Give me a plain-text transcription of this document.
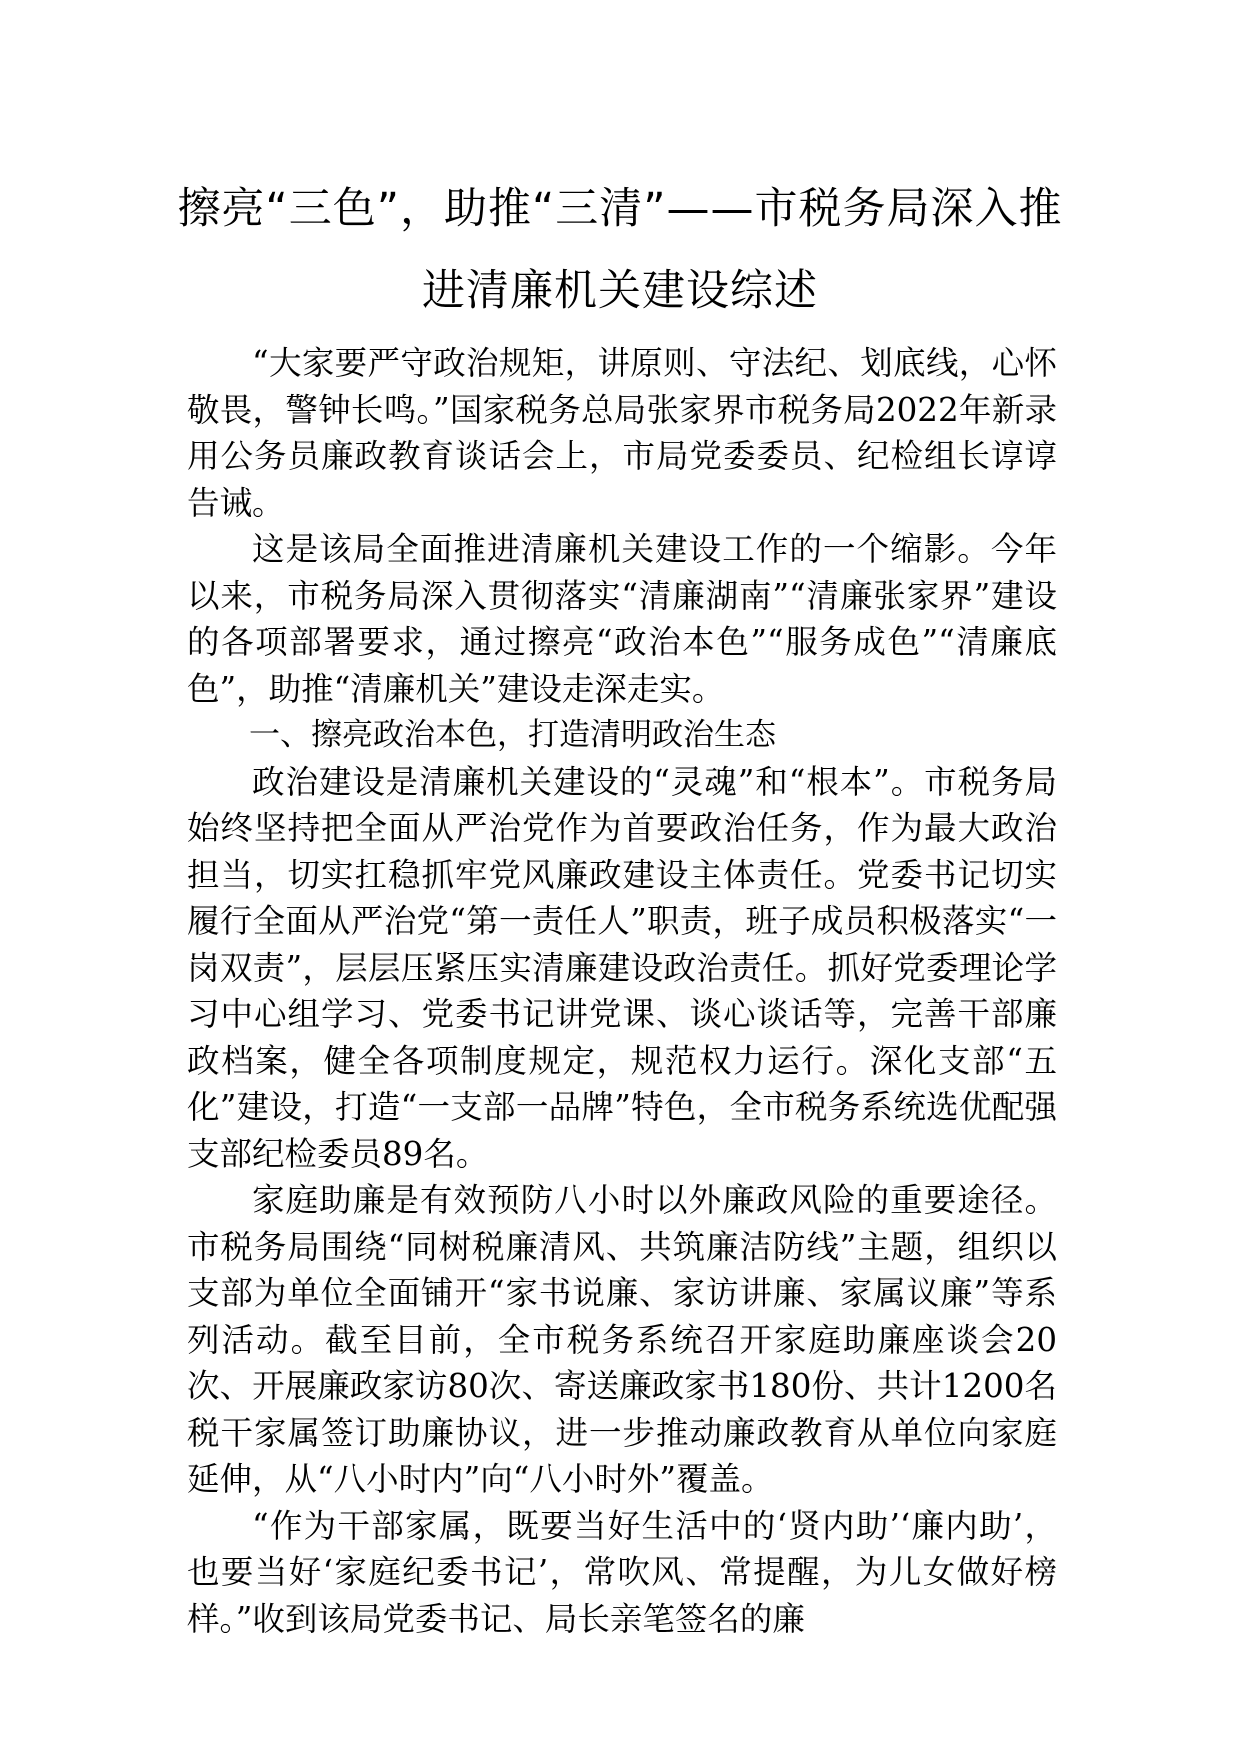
擦亮“三色”，助推“三清”——市税务局深入推进清廉机关建设综述

“大家要严守政治规矩，讲原则、守法纪、划底线，心怀敬畏，警钟长鸣。”国家税务总局张家界市税务局2022年新录用公务员廉政教育谈话会上，市局党委委员、纪检组长谆谆告诫。

这是该局全面推进清廉机关建设工作的一个缩影。今年以来，市税务局深入贯彻落实“清廉湖南”“清廉张家界”建设的各项部署要求，通过擦亮“政治本色”“服务成色”“清廉底色”，助推“清廉机关”建设走深走实。

一、擦亮政治本色，打造清明政治生态

政治建设是清廉机关建设的“灵魂”和“根本”。市税务局始终坚持把全面从严治党作为首要政治任务，作为最大政治担当，切实扛稳抓牢党风廉政建设主体责任。党委书记切实履行全面从严治党“第一责任人”职责，班子成员积极落实“一岗双责”，层层压紧压实清廉建设政治责任。抓好党委理论学习中心组学习、党委书记讲党课、谈心谈话等，完善干部廉政档案，健全各项制度规定，规范权力运行。深化支部“五化”建设，打造“一支部一品牌”特色，全市税务系统选优配强支部纪检委员89名。

家庭助廉是有效预防八小时以外廉政风险的重要途径。市税务局围绕“同树税廉清风、共筑廉洁防线”主题，组织以支部为单位全面铺开“家书说廉、家访讲廉、家属议廉”等系列活动。截至目前，全市税务系统召开家庭助廉座谈会20次、开展廉政家访80次、寄送廉政家书180份、共计1200名税干家属签订助廉协议，进一步推动廉政教育从单位向家庭延伸，从“八小时内”向“八小时外”覆盖。

“作为干部家属，既要当好生活中的‘贤内助’‘廉内助’，也要当好‘家庭纪委书记’，常吹风、常提醒，为儿女做好榜样。”收到该局党委书记、局长亲笔签名的廉
